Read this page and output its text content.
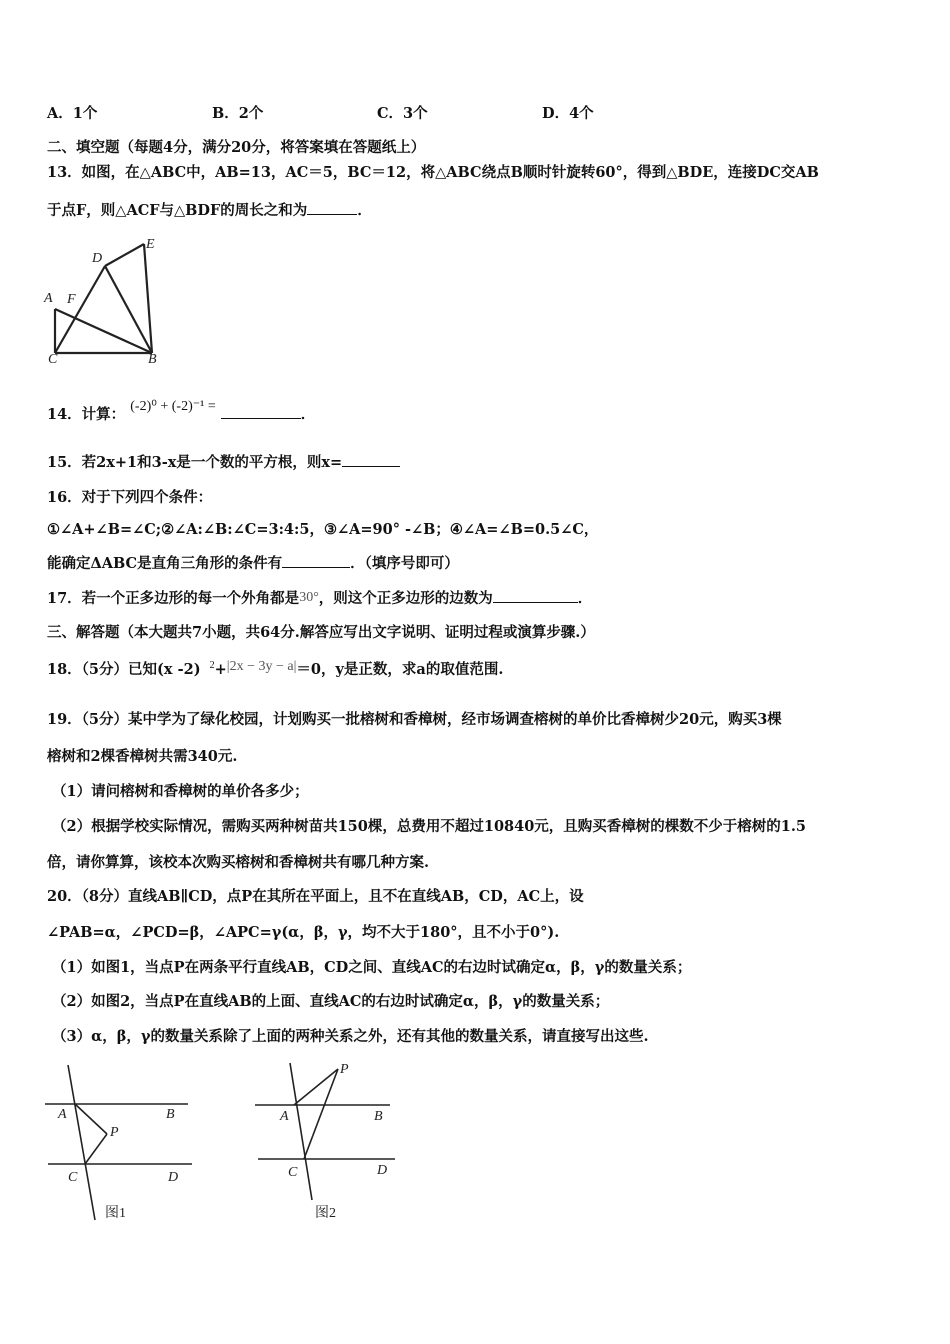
A．1个	B．2个	C．3个	D．4个
二、填空题（每题4分，满分20分，将答案填在答题纸上）
13．如图，在△ABC中，AB=13，AC＝5，BC＝12，将△ABC绕点B顺时针旋转60°，得到△BDE，连接DC交AB
于点F，则△ACF与△BDF的周长之和为	．
A
B
C
D
E
F
14．计算： (-2)⁰ + (-2)⁻¹ =	．
15．若2x+1和3-x是一个数的平方根，则x=
16．对于下列四个条件：
①∠A+∠B=∠C;②∠A:∠B:∠C=3:4:5，③∠A=90° -∠B；④∠A=∠B=0.5∠C，
能确定ΔABC是直角三角形的条件有	．（填序号即可）
17．若一个正多边形的每一个外角都是30°，则这个正多边形的边数为	．
三、解答题（本大题共7小题，共64分.解答应写出文字说明、证明过程或演算步骤.）
18．（5分）已知(x -2) $^2$+|2x − 3y − a|＝0，y是正数，求a的取值范围.
19．（5分）某中学为了绿化校园，计划购买一批榕树和香樟树，经市场调查榕树的单价比香樟树少20元，购买3棵
榕树和2棵香樟树共需340元.
（1）请问榕树和香樟树的单价各多少；
（2）根据学校实际情况，需购买两种树苗共150棵，总费用不超过10840元，且购买香樟树的棵数不少于榕树的1.5
倍，请你算算，该校本次购买榕树和香樟树共有哪几种方案.
20．（8分）直线AB∥CD，点P在其所在平面上，且不在直线AB，CD，AC上，设
∠PAB=α，∠PCD=β，∠APC=γ(α，β，γ，均不大于180°，且不小于0°).
（1）如图1，当点P在两条平行直线AB，CD之间、直线AC的右边时试确定α，β，γ的数量关系；
（2）如图2，当点P在直线AB的上面、直线AC的右边时试确定α，β，γ的数量关系；
（3）α，β，γ的数量关系除了上面的两种关系之外，还有其他的数量关系，请直接写出这些.
A	B
C	D
P
图1
A	B
C	D
P
图2
